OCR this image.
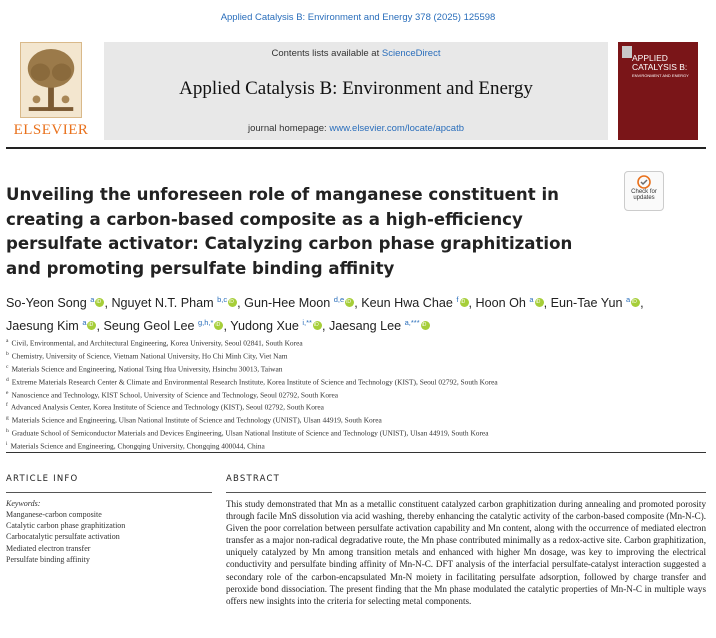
Applied Catalysis B: Environment and Energy 378 (2025) 125598
ELSEVIER
Contents lists available at ScienceDirect
Applied Catalysis B: Environment and Energy
journal homepage: www.elsevier.com/locate/apcatb
APPLIED CATALYSIS B:
ENVIRONMENT AND ENERGY
Check for updates
Unveiling the unforeseen role of manganese constituent in creating a carbon-based composite as a high-efficiency persulfate activator: Catalyzing carbon phase graphitization and promoting persulfate binding affinity
So-Yeon Song $^a$ iD , Nguyet N.T. Pham $^{b,c}$ iD , Gun-Hee Moon $^{d,e}$ iD , Keun Hwa Chae $^f$ iD , Hoon Oh $^a$ iD , Eun-Tae Yun $^a$ iD , Jaesung Kim $^a$ iD , Seung Geol Lee $^{g,h,*}$ iD , Yudong Xue $^{i,**}$ iD , Jaesang Lee $^{a,***}$iD
$^a$ Civil, Environmental, and Architectural Engineering, Korea University, Seoul 02841, South Korea
$^b$ Chemistry, University of Science, Vietnam National University, Ho Chi Minh City, Viet Nam
$^c$ Materials Science and Engineering, National Tsing Hua University, Hsinchu 30013, Taiwan
$^d$ Extreme Materials Research Center & Climate and Environmental Research Institute, Korea Institute of Science and Technology (KIST), Seoul 02792, South Korea
$^e$ Nanoscience and Technology, KIST School, University of Science and Technology, Seoul 02792, South Korea
$^f$ Advanced Analysis Center, Korea Institute of Science and Technology (KIST), Seoul 02792, South Korea
$^g$ Materials Science and Engineering, Ulsan National Institute of Science and Technology (UNIST), Ulsan 44919, South Korea
$^h$ Graduate School of Semiconductor Materials and Devices Engineering, Ulsan National Institute of Science and Technology (UNIST), Ulsan 44919, South Korea
$^i$ Materials Science and Engineering, Chongqing University, Chongqing 400044, China
ARTICLE INFO
Keywords:
Manganese-carbon composite
Catalytic carbon phase graphitization
Carbocatalytic persulfate activation
Mediated electron transfer
Persulfate binding affinity
ABSTRACT

This study demonstrated that Mn as a metallic constituent catalyzed carbon graphitization during annealing and promoted porosity through facile MnS dissolution via acid washing, thereby enhancing the catalytic activity of the carbon-based composite (Mn-N-C). Given the poor correlation between persulfate activation capability and Mn content, along with the occurrence of mediated electron transfer as a major non-radical degradative route, the Mn phase contributed minimally as a redox-active site. Carbon graphitization, uniquely catalyzed by Mn among transition metals and enhanced with higher Mn dosage, was key to improving the electrical conductivity and persulfate binding affinity of Mn-N-C. DFT analysis of the interfacial persulfate-catalyst interaction suggested a secondary role of the carbon-encapsulated Mn-N moiety in facilitating persulfate adsorption, followed by charge transfer and peroxide bond dissociation. The present finding that the Mn phase modulated the catalytic properties of Mn-N-C in multiple ways offers new insights into the criteria for selecting metal components.
